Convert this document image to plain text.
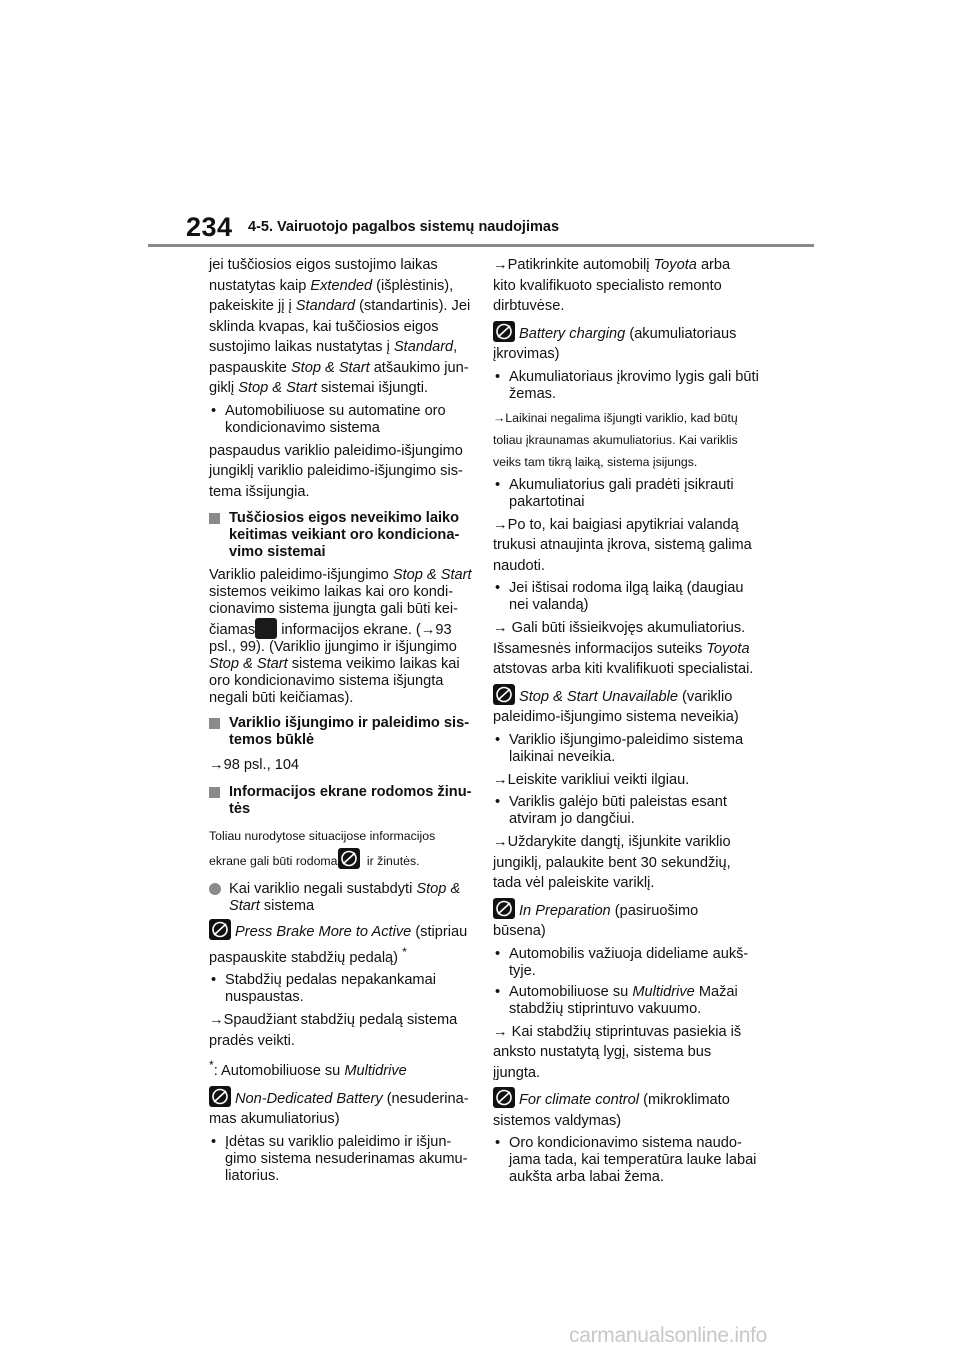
234 4-5. Vairuotojo pagalbos sistemų naudojimas

jei tuščiosios eigos sustojimo laikas
nustatytas kaip Extended (išplėstinis),
pakeiskite jį į Standard (standartinis). Jei
sklinda kvapas, kai tuščiosios eigos
sustojimo laikas nustatytas į Standard,
paspauskite Stop & Start atšaukimo jun-
giklį Stop & Start sistemai išjungti.

• Automobiliuose su automatine oro kondicionavimo sistema

paspaudus variklio paleidimo-išjungimo
jungiklį variklio paleidimo-išjungimo sis-
tema išsijungia.

Tuščiosios eigos neveikimo laiko keitimas veikiant oro kondiciona-vimo sistemai

Variklio paleidimo-išjungimo Stop & Start sistemos veikimo laikas kai oro kondi-cionavimo sistema įjungta gali būti kei-čiamas informacijos ekrane. (→93 psl., 99). (Variklio įjungimo ir išjungimo Stop & Start sistema veikimo laikas kai oro kondicionavimo sistema išjungta negali būti keičiamas).

Variklio išjungimo ir paleidimo sis-temos būklė

→98 psl., 104

Informacijos ekrane rodomos žinu-tės

Toliau nurodytose situacijose informacijos
ekrane gali būti rodoma
ir žinutės.

Kai variklio negali sustabdyti Stop & Start sistema

Press Brake More to Active (stipriau
paspauskite stabdžių pedalą) *

• Stabdžių pedalas nepakankamai nuspaustas.

→Spaudžiant stabdžių pedalą sistema
pradės veikti.

*: Automobiliuose su Multidrive

Non-Dedicated Battery (nesuderina-
mas akumuliatorius)

• Įdėtas su variklio paleidimo ir išjun-gimo sistema nesuderinamas akumu-liatorius.

→Patikrinkite automobilį Toyota arba
kito kvalifikuoto specialisto remonto
dirbtuvėse.

Battery charging (akumuliatoriaus
įkrovimas)

• Akumuliatoriaus įkrovimo lygis gali būti žemas.

→Laikinai negalima išjungti variklio, kad būtų
toliau įkraunamas akumuliatorius. Kai variklis
veiks tam tikrą laiką, sistema įsijungs.

• Akumuliatorius gali pradėti įsikrauti pakartotinai

→Po to, kai baigiasi apytikriai valandą
trukusi atnaujinta įkrova, sistemą galima
naudoti.

• Jei ištisai rodoma ilgą laiką (daugiau nei valandą)

→ Gali būti išsieikvojęs akumuliatorius.
Išsamesnės informacijos suteiks Toyota
atstovas arba kiti kvalifikuoti specialistai.

Stop & Start Unavailable (variklio
paleidimo-išjungimo sistema neveikia)

• Variklio išjungimo-paleidimo sistema laikinai neveikia.

→Leiskite varikliui veikti ilgiau.

• Variklis galėjo būti paleistas esant atviram jo dangčiui.

→Uždarykite dangtį, išjunkite variklio
jungiklį, palaukite bent 30 sekundžių,
tada vėl paleiskite variklį.

In Preparation (pasiruošimo
būsena)

• Automobilis važiuoja dideliame aukš-tyje.
• Automobiliuose su Multidrive Mažai stabdžių stiprintuvo vakuumo.

→ Kai stabdžių stiprintuvas pasiekia iš
anksto nustatytą lygį, sistema bus
įjungta.

For climate control (mikroklimato
sistemos valdymas)

• Oro kondicionavimo sistema naudo-jama tada, kai temperatūra lauke labai aukšta arba labai žema.
carmanualsonline.info
